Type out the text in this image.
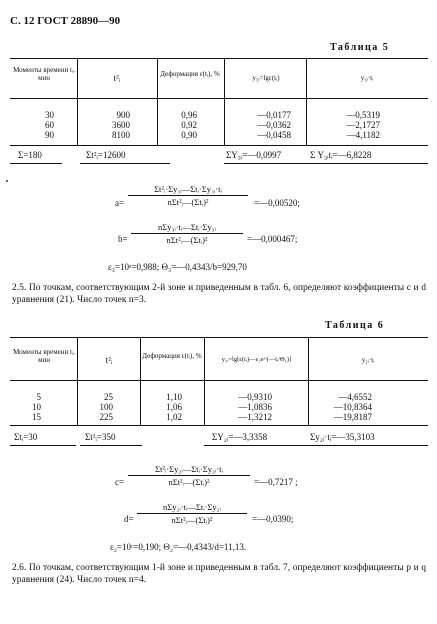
С. 12 ГОСТ 28890—90
Таблица 5
Моменты времени tᵢ, мин	t²ᵢ	Деформация ε(tᵢ), %	y₃ᵢ=lgε(tᵢ)	y₃ᵢ·tᵢ
30	900	0,96	—0,0177	—0,5319
60	3600	0,92	—0,0362	—2,1727
90	8100	0,90	—0,0458	—4,1182
Σ=180	Σt²ᵢ=12600	ΣY₃ᵢ=—0,0997	Σ Y₃ᵢtᵢ=—6,8228
a=
Σt²ᵢ·Σy₃ᵢ—Σtᵢ·Σy₃ᵢ·tᵢ
nΣt²ᵢ—(Σtᵢ)²	=—0,00520;
b=
nΣy₃ᵢ·tᵢ—Σtᵢ·Σy₃ᵢ
nΣt²ᵢ—(Σtᵢ)²	=—0,000467;
ε₃=10ᵃ=0,988; Θ₃=—0,4343/b=929,70
2.5. По точкам, соответствующим 2-й зоне и приведенным в табл. 6, определяют коэффициенты c и d уравнения (21). Число точек n=3.
Таблица 6
Моменты времени tᵢ, мин	t²ᵢ	Деформация ε(tᵢ), %	y₂ᵢ=lg[ε(tᵢ)—ε₃e^(—tᵢ/Θ₁)]	y₂ᵢ·tᵢ
5	25	1,10	—0,9310	—4,6552
10	100	1,06	—1,0836	—10,8364
15	225	1,02	—1,3212	—19,8187
Σtᵢ=30	Σt²ᵢ=350	ΣY₂ᵢ=—3,3358	Σy₂ᵢ·tᵢ=—35,3103
c=
Σt²ᵢ·Σy₂ᵢ—Σtᵢ·Σy₂ᵢ·tᵢ
nΣt²ᵢ—(Σtᵢ)²	=—0,7217 ;
d=
nΣy₂ᵢ·tᵢ—Σtᵢ·Σy₂ᵢ
nΣt²ᵢ—(Σtᵢ)²	=—0,0390;
ε₂=10ᶜ=0,190; Θ₂=—0,4343/d=11,13.
2.6. По точкам, соответствующим 1-й зоне и приведенным в табл. 7, определяют коэффициенты p и q уравнения (24). Число точек n=4.
